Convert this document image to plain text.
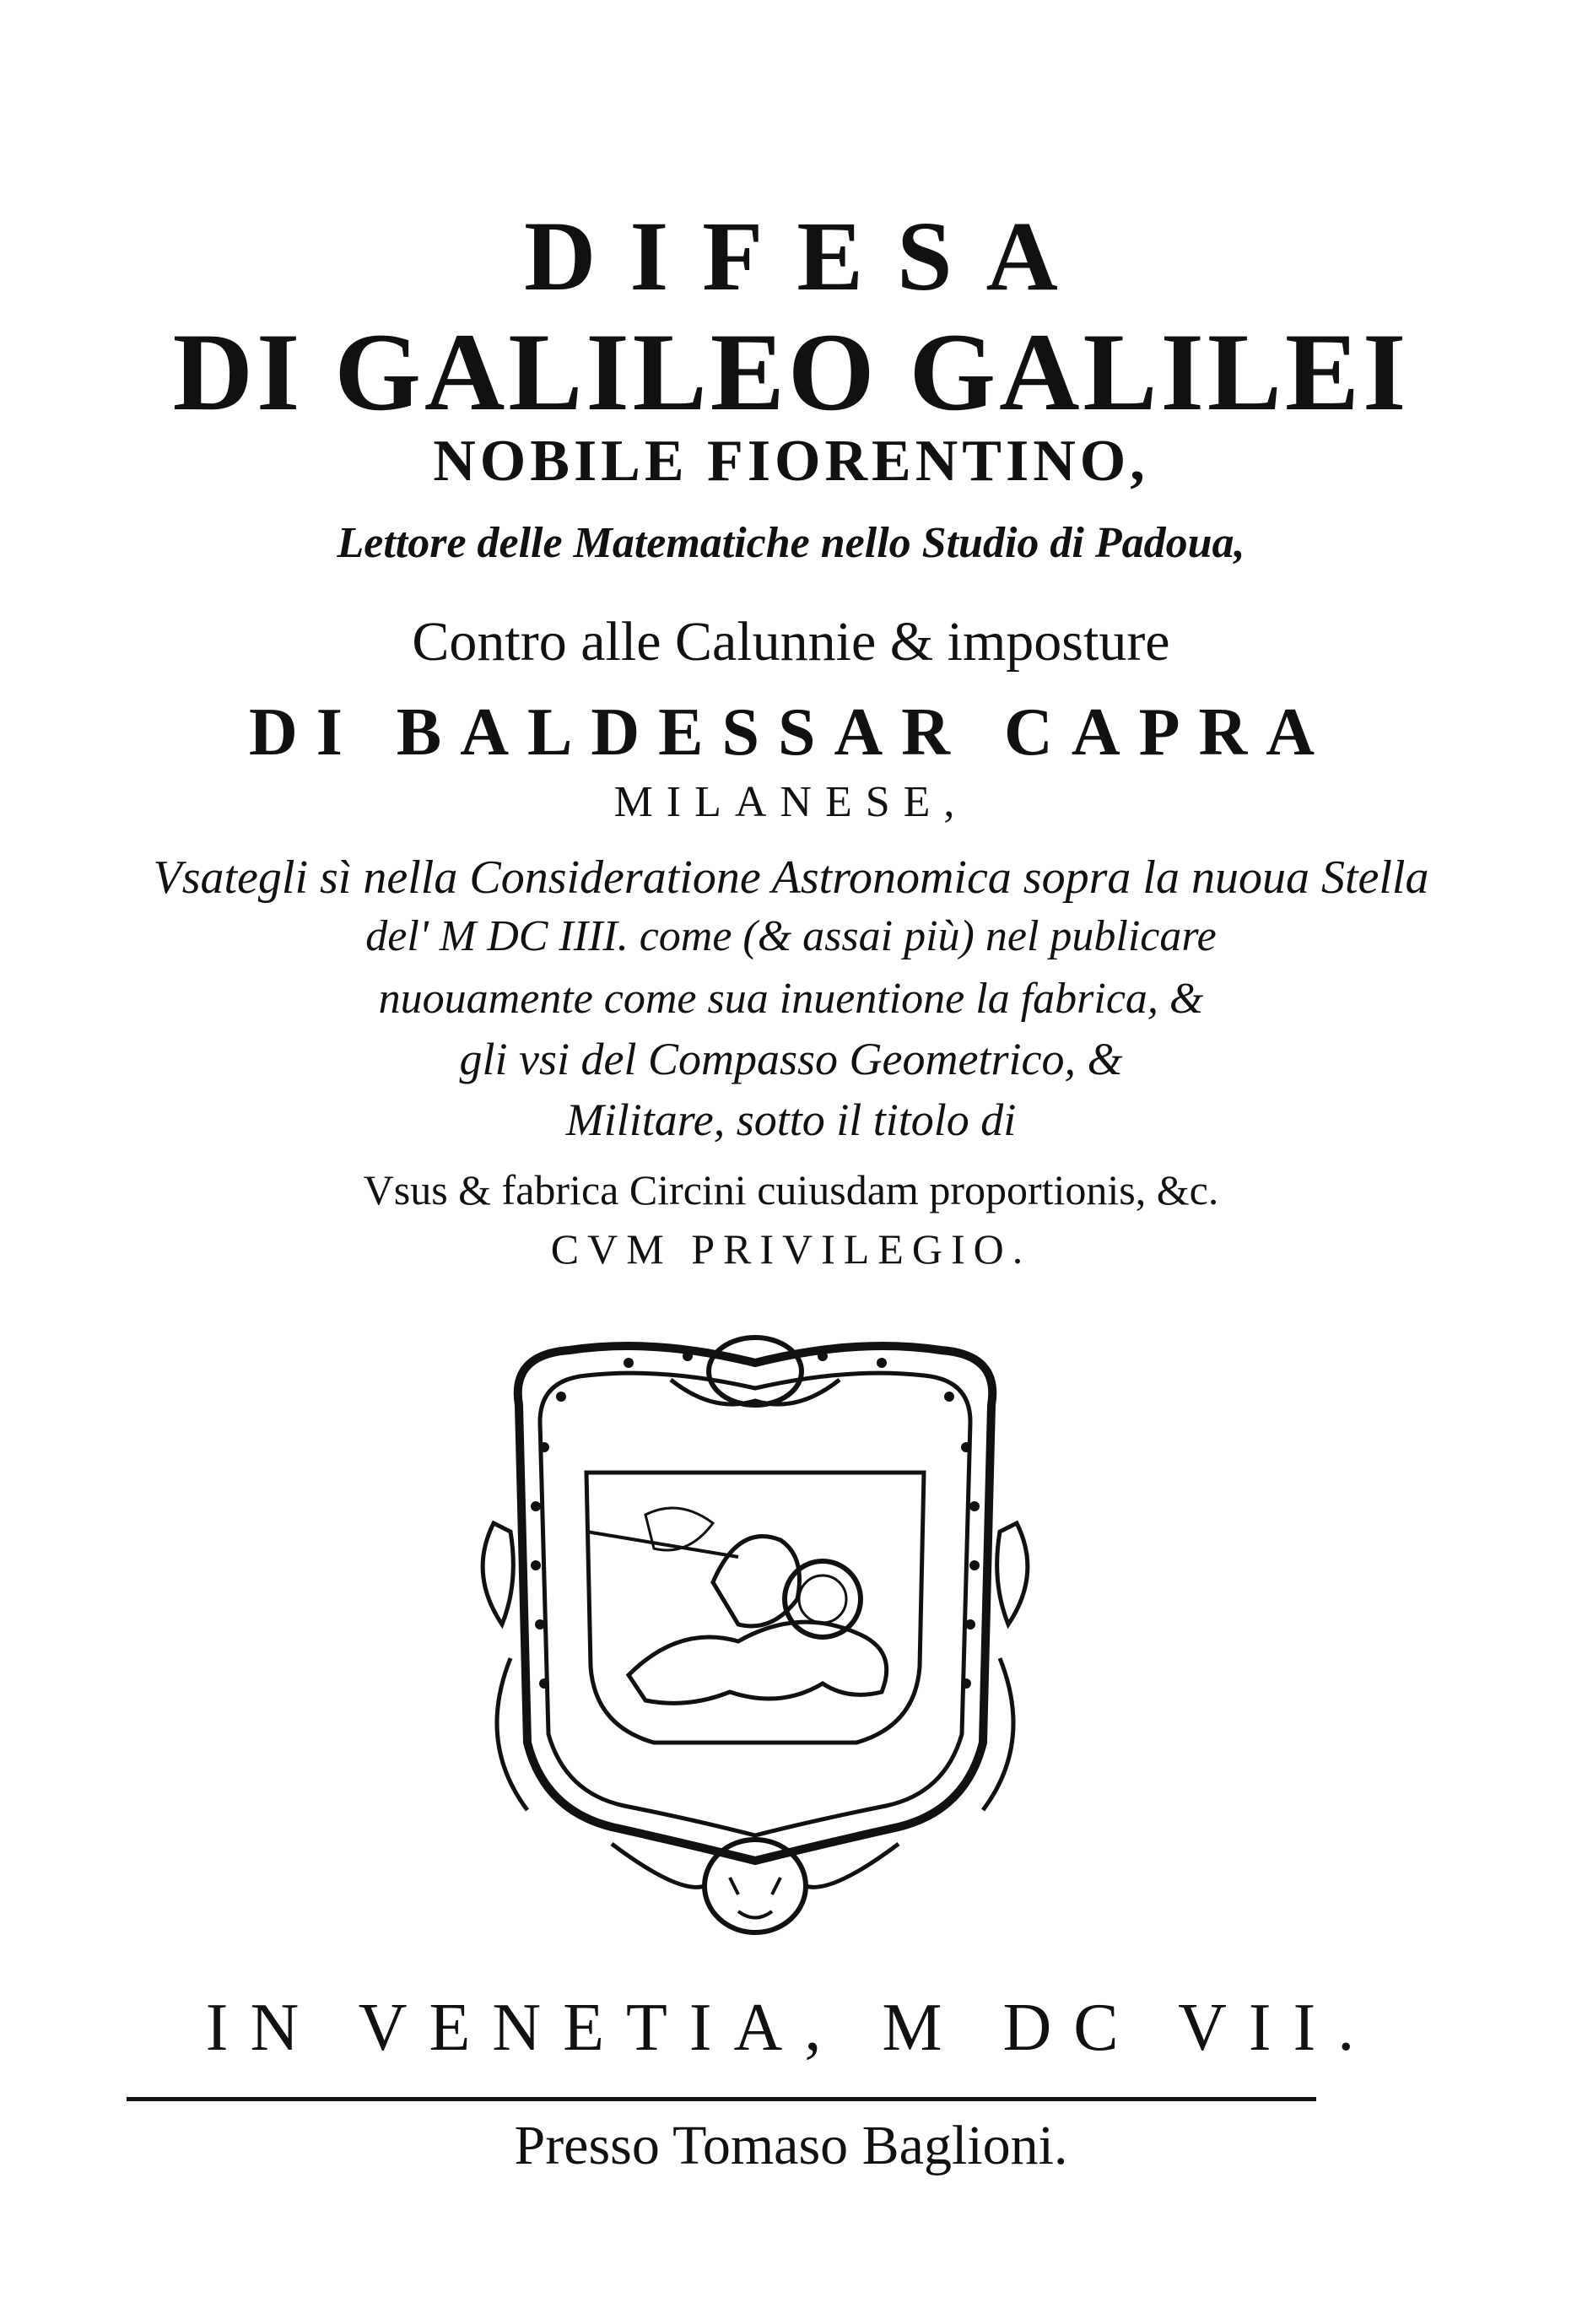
DIFESA
DI GALILEO GALILEI
NOBILE FIORENTINO,
Lettore delle Matematiche nello Studio di Padoua,
Contro alle Calunnie & imposture
DI BALDESSAR CAPRA
MILANESE,
Vsategli sì nella Consideratione Astronomica sopra la nuoua Stella
del' M DC IIII. come (& assai più) nel publicare
nuouamente come sua inuentione la fabrica, &
gli vsi del Compasso Geometrico, &
Militare, sotto il titolo di
Vsus & fabrica Circini cuiusdam proportionis, &c.
CVM PRIVILEGIO.
IN VENETIA, M DC VII.
Presso Tomaso Baglioni.
